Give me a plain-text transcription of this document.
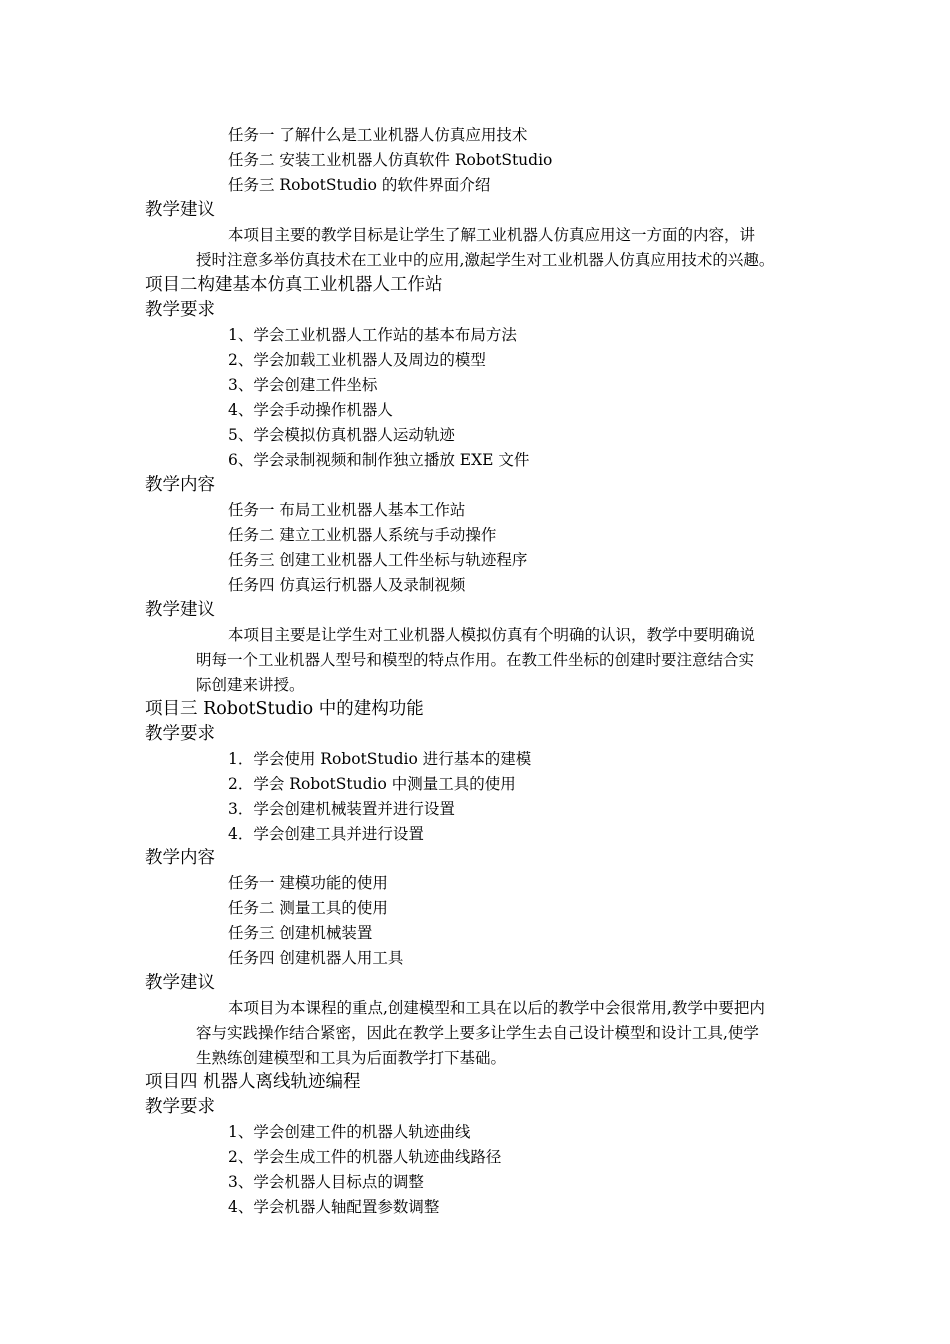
任务一 了解什么是工业机器人仿真应用技术
任务二 安装工业机器人仿真软件 RobotStudio
任务三 RobotStudio 的软件界面介绍
教学建议
本项目主要的教学目标是让学生了解工业机器人仿真应用这一方面的内容，讲
授时注意多举仿真技术在工业中的应用,激起学生对工业机器人仿真应用技术的兴趣。
项目二构建基本仿真工业机器人工作站
教学要求
1、学会工业机器人工作站的基本布局方法
2、学会加载工业机器人及周边的模型
3、学会创建工件坐标
4、学会手动操作机器人
5、学会模拟仿真机器人运动轨迹
6、学会录制视频和制作独立播放 EXE 文件
教学内容
任务一 布局工业机器人基本工作站
任务二 建立工业机器人系统与手动操作
任务三 创建工业机器人工件坐标与轨迹程序
任务四 仿真运行机器人及录制视频
教学建议
本项目主要是让学生对工业机器人模拟仿真有个明确的认识，教学中要明确说
明每一个工业机器人型号和模型的特点作用。在教工件坐标的创建时要注意结合实
际创建来讲授。
项目三 RobotStudio 中的建构功能
教学要求
1．学会使用 RobotStudio 进行基本的建模
2．学会 RobotStudio 中测量工具的使用
3．学会创建机械装置并进行设置
4．学会创建工具并进行设置
教学内容
任务一 建模功能的使用
任务二 测量工具的使用
任务三 创建机械装置
任务四 创建机器人用工具
教学建议
本项目为本课程的重点,创建模型和工具在以后的教学中会很常用,教学中要把内
容与实践操作结合紧密，因此在教学上要多让学生去自己设计模型和设计工具,使学
生熟练创建模型和工具为后面教学打下基础。
项目四 机器人离线轨迹编程
教学要求
1、学会创建工件的机器人轨迹曲线
2、学会生成工件的机器人轨迹曲线路径
3、学会机器人目标点的调整
4、学会机器人轴配置参数调整
